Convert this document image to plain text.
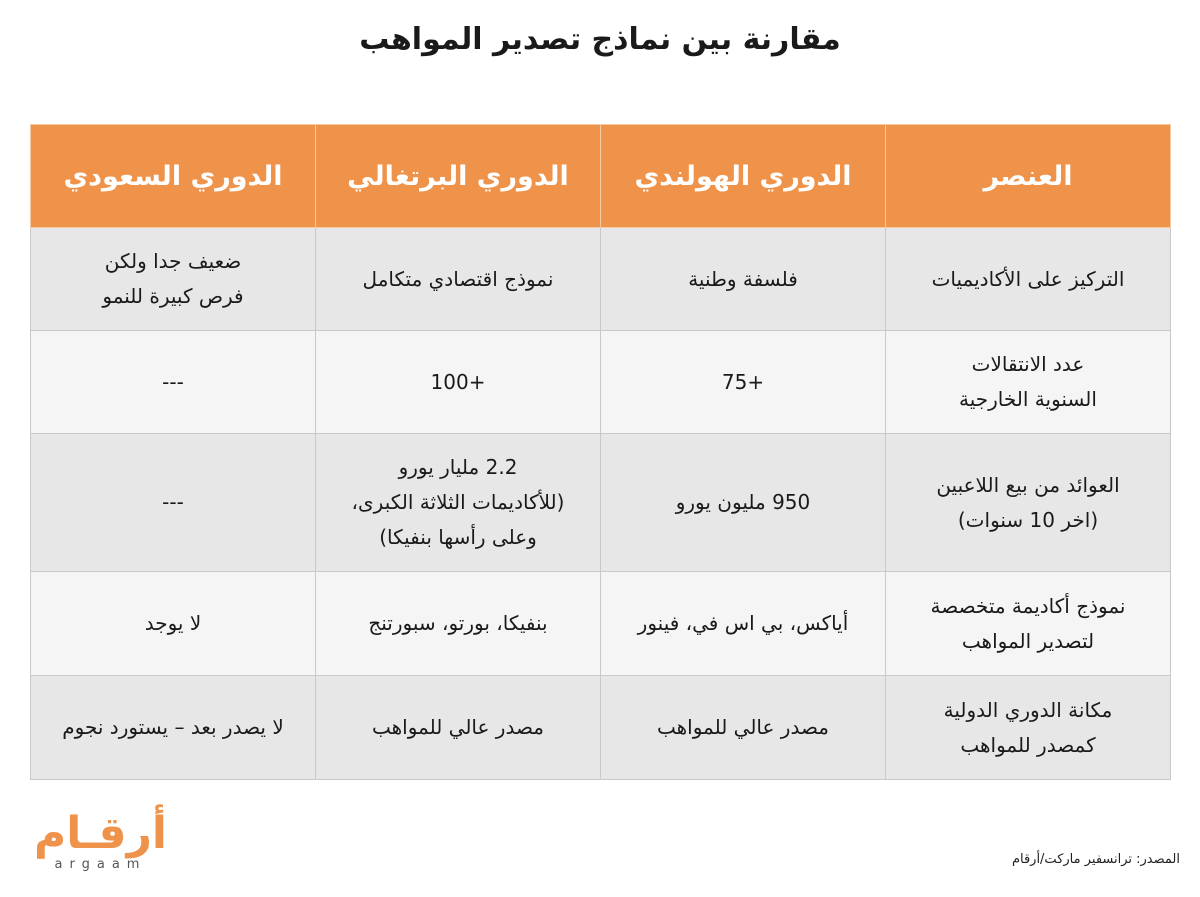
مقارنة بين نماذج تصدير المواهب
العنصر	الدوري الهولندي	الدوري البرتغالي	الدوري السعودي
التركيز على الأكاديميات	فلسفة وطنية	نموذج اقتصادي متكامل	ضعيف جدا ولكن
فرص كبيرة للنمو
عدد الانتقالات
السنوية الخارجية	+75	+100	---
العوائد من بيع اللاعبين
(اخر 10 سنوات)	950 مليون يورو	2.2 مليار يورو
(للأكاديمات الثلاثة الكبرى،
وعلى رأسها بنفيكا)	---
نموذج أكاديمة متخصصة
لتصدير المواهب	أياكس، بي اس في، فينور	بنفيكا، بورتو، سبورتنج	لا يوجد
مكانة الدوري الدولية
كمصدر للمواهب	مصدر عالي للمواهب	مصدر عالي للمواهب	لا يصدر بعد – يستورد نجوم
أرقـام
argaam	المصدر: ترانسفير ماركت/أرقام
